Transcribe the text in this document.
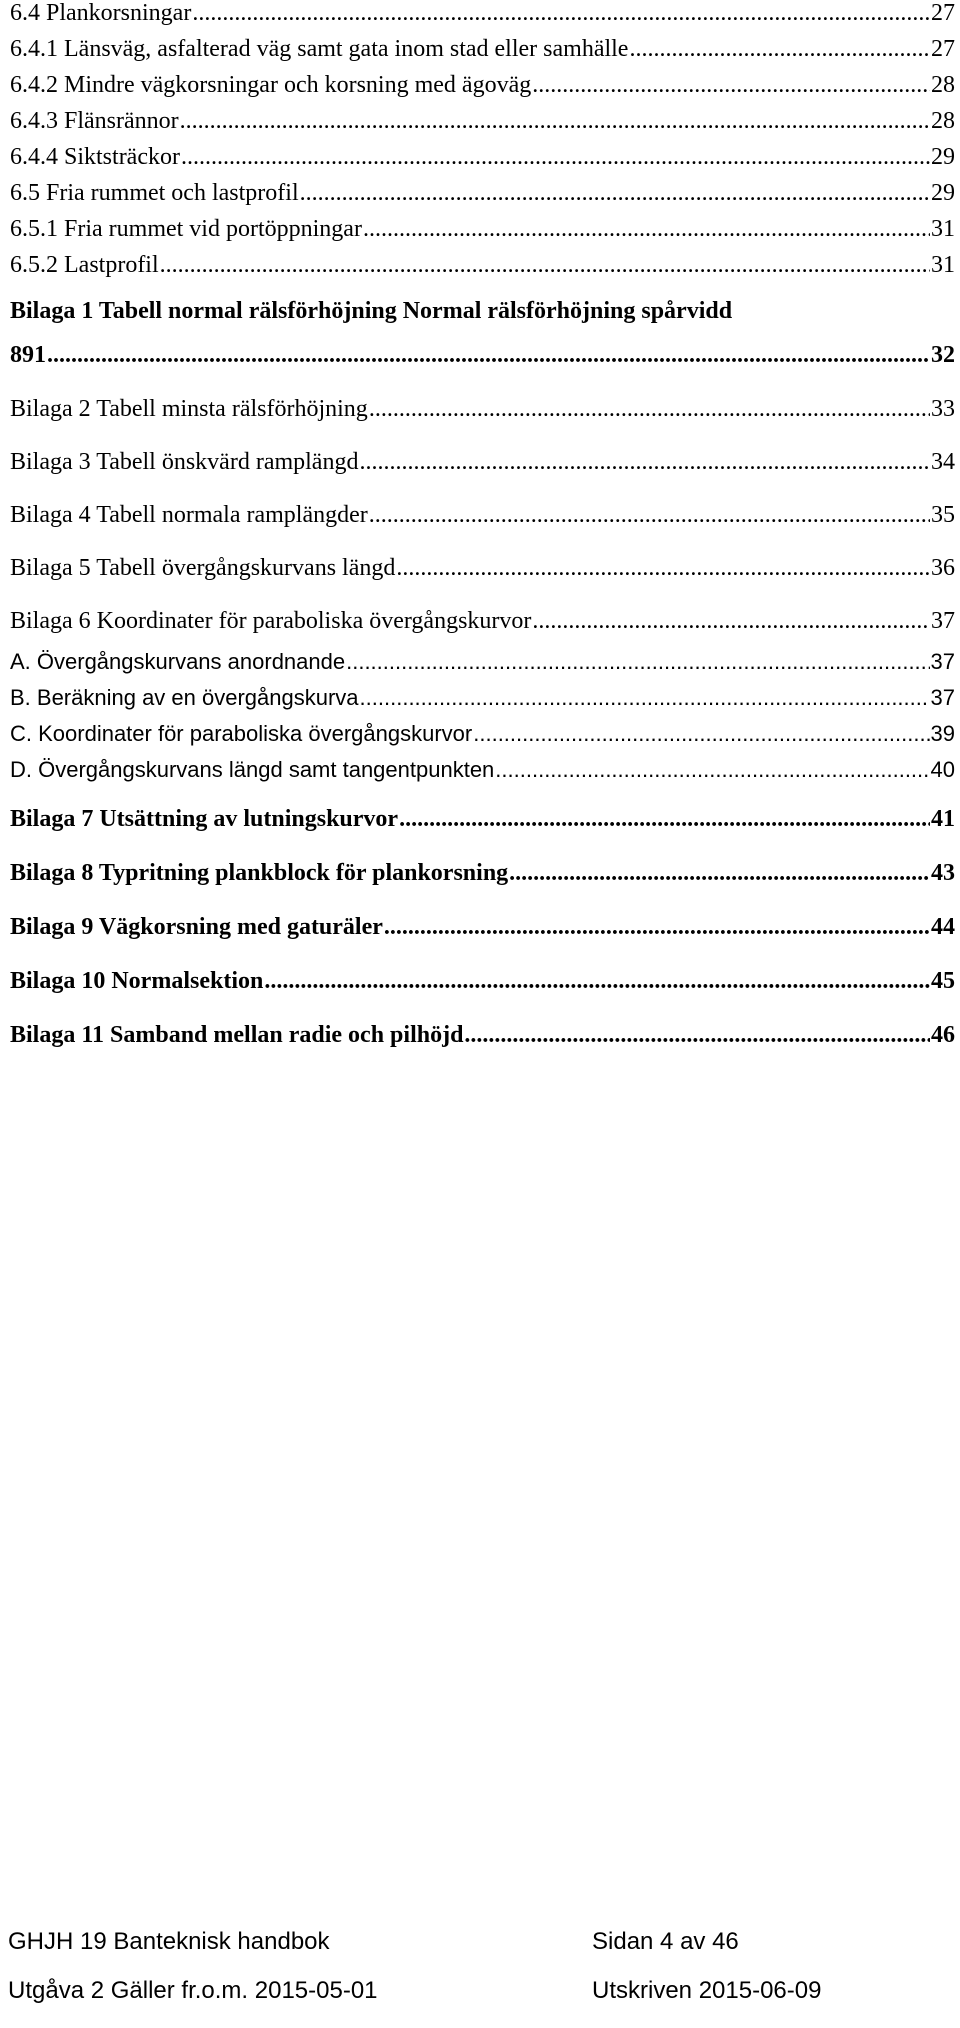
6.4 Plankorsningar .....	27
6.4.1 Länsväg, asfalterad väg samt gata inom stad eller samhälle .....	27
6.4.2 Mindre vägkorsningar och korsning med ägoväg .....	28
6.4.3 Flänsrännor .....	28
6.4.4 Siktsträckor .....	29
6.5 Fria rummet och lastprofil .....	29
6.5.1 Fria rummet vid portöppningar .....	31
6.5.2 Lastprofil .....	31
Bilaga 1 Tabell normal rälsförhöjning Normal rälsförhöjning spårvidd
891 .....	32
Bilaga 2 Tabell minsta rälsförhöjning .....	33
Bilaga 3 Tabell önskvärd ramplängd .....	34
Bilaga 4 Tabell normala ramplängder .....	35
Bilaga 5 Tabell övergångskurvans längd .....	36
Bilaga 6 Koordinater för paraboliska övergångskurvor .....	37
A. Övergångskurvans anordnande .....	37
B. Beräkning av en övergångskurva .....	37
C. Koordinater för paraboliska övergångskurvor .....	39
D. Övergångskurvans längd samt tangentpunkten .....	40
Bilaga 7 Utsättning av lutningskurvor .....	41
Bilaga 8 Typritning plankblock för plankorsning .....	43
Bilaga 9 Vägkorsning med gaturäler .....	44
Bilaga 10 Normalsektion .....	45
Bilaga 11 Samband mellan radie och pilhöjd .....	46
GHJH 19 Banteknisk handbok	Sidan 4 av 46
Utgåva 2 Gäller fr.o.m. 2015-05-01	Utskriven 2015-06-09
